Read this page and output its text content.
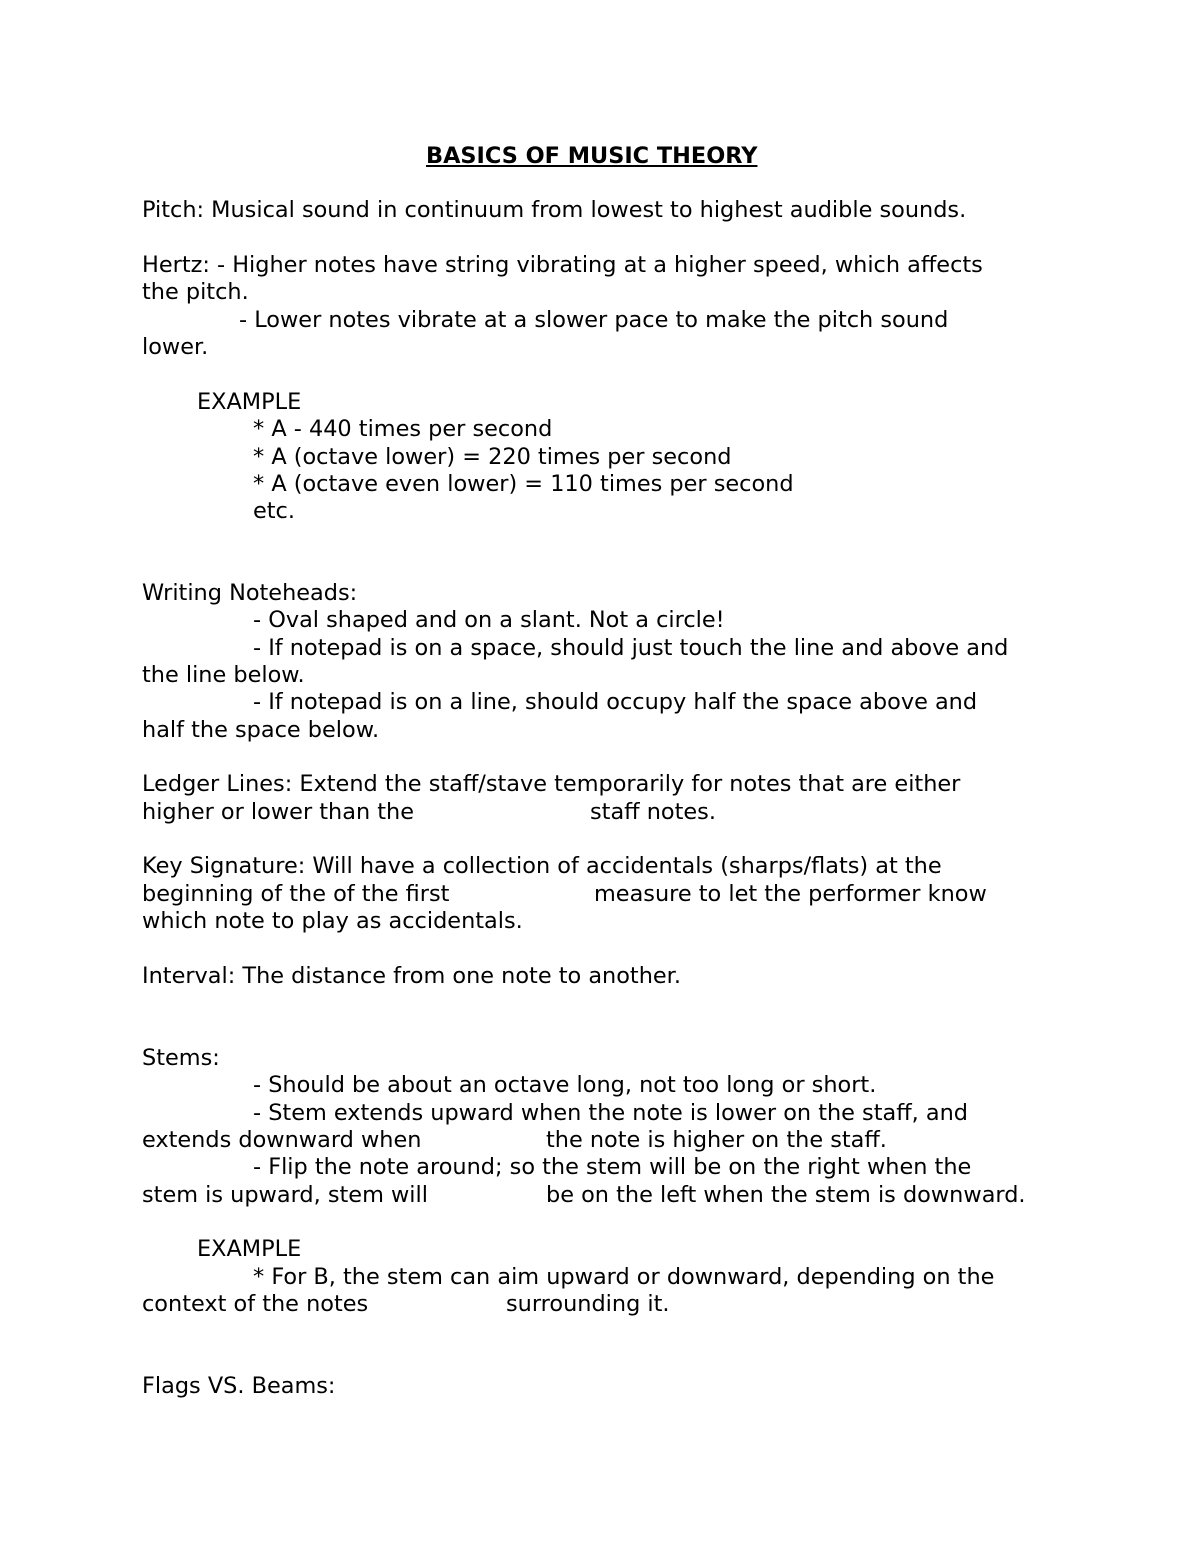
BASICS OF MUSIC THEORY
Pitch: Musical sound in continuum from lowest to highest audible sounds.
Hertz: - Higher notes have string vibrating at a higher speed, which affects
the pitch.
- Lower notes vibrate at a slower pace to make the pitch sound
lower.
EXAMPLE
* A - 440 times per second
* A (octave lower) = 220 times per second
* A (octave even lower) = 110 times per second
etc.
Writing Noteheads:
- Oval shaped and on a slant. Not a circle!
- If notepad is on a space, should just touch the line and above and
the line below.
- If notepad is on a line, should occupy half the space above and
half the space below.
Ledger Lines: Extend the staff/stave temporarily for notes that are either
higher or lower than the	staff notes.
Key Signature: Will have a collection of accidentals (sharps/flats) at the
beginning of the of the first	measure to let the performer know
which note to play as accidentals.
Interval: The distance from one note to another.
Stems:
- Should be about an octave long, not too long or short.
- Stem extends upward when the note is lower on the staff, and
extends downward when	the note is higher on the staff.
- Flip the note around; so the stem will be on the right when the
stem is upward, stem will	be on the left when the stem is downward.
EXAMPLE
* For B, the stem can aim upward or downward, depending on the
context of the notes	surrounding it.
Flags VS. Beams:
